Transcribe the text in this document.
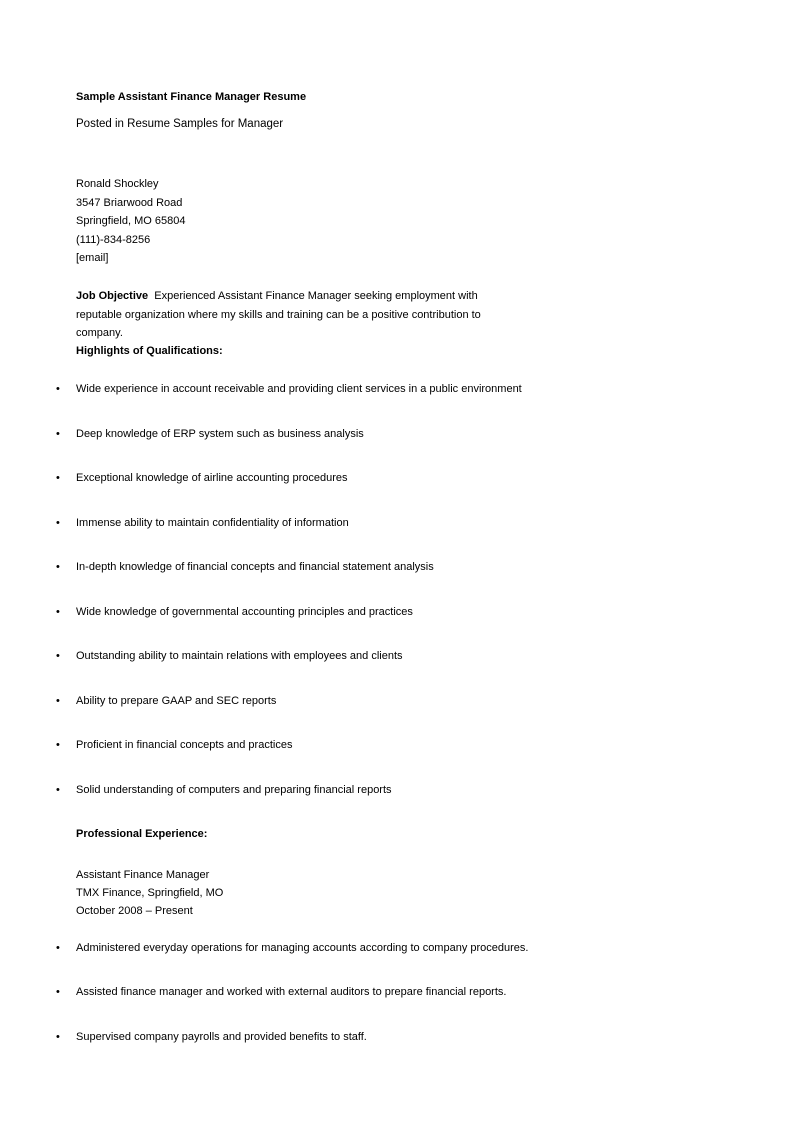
Sample Assistant Finance Manager Resume
Posted in Resume Samples for Manager
Ronald Shockley
3547 Briarwood Road
Springfield, MO 65804
(111)-834-8256
[email]
Job Objective Experienced Assistant Finance Manager seeking employment with reputable organization where my skills and training can be a positive contribution to company.
Highlights of Qualifications:
• Wide experience in account receivable and providing client services in a public environment
• Deep knowledge of ERP system such as business analysis
• Exceptional knowledge of airline accounting procedures
• Immense ability to maintain confidentiality of information
• In-depth knowledge of financial concepts and financial statement analysis
• Wide knowledge of governmental accounting principles and practices
• Outstanding ability to maintain relations with employees and clients
• Ability to prepare GAAP and SEC reports
• Proficient in financial concepts and practices
• Solid understanding of computers and preparing financial reports
Professional Experience:
Assistant Finance Manager
TMX Finance, Springfield, MO
October 2008 – Present
• Administered everyday operations for managing accounts according to company procedures.
• Assisted finance manager and worked with external auditors to prepare financial reports.
• Supervised company payrolls and provided benefits to staff.
